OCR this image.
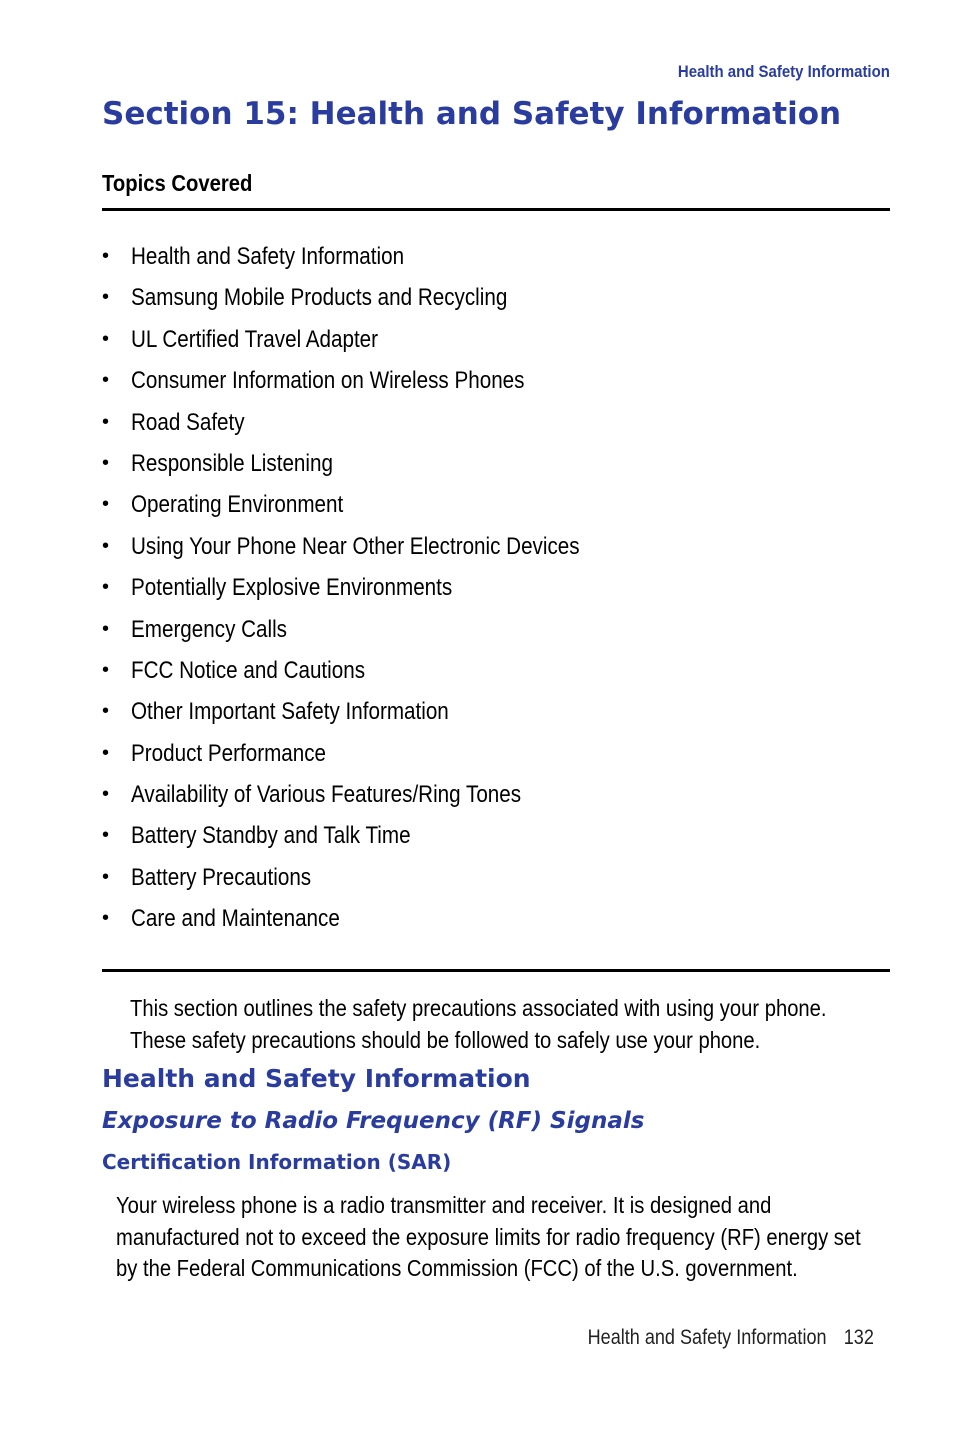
Health and Safety Information
Section 15: Health and Safety Information
Topics Covered
• Health and Safety Information
• Samsung Mobile Products and Recycling
• UL Certified Travel Adapter
• Consumer Information on Wireless Phones
• Road Safety
• Responsible Listening
• Operating Environment
• Using Your Phone Near Other Electronic Devices
• Potentially Explosive Environments
• Emergency Calls
• FCC Notice and Cautions
• Other Important Safety Information
• Product Performance
• Availability of Various Features/Ring Tones
• Battery Standby and Talk Time
• Battery Precautions
• Care and Maintenance

This section outlines the safety precautions associated with using your phone. These safety precautions should be followed to safely use your phone.

Health and Safety Information
Exposure to Radio Frequency (RF) Signals
Certification Information (SAR)

Your wireless phone is a radio transmitter and receiver. It is designed and manufactured not to exceed the exposure limits for radio frequency (RF) energy set by the Federal Communications Commission (FCC) of the U.S. government.

Health and Safety Information 132
